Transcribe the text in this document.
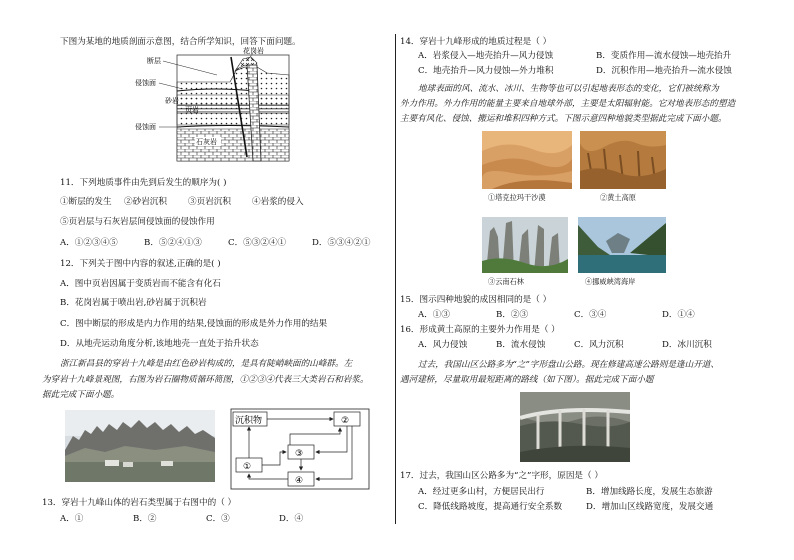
下图为某地的地质剖面示意图，结合所学知识，回答下面问题。
断层
花岗岩
侵蚀面
砂岩
页岩
侵蚀面
石灰岩
11．下列地质事件由先到后发生的顺序为( )
①断层的发生	②砂岩沉积	③页岩沉积	④岩浆的侵入
⑤页岩层与石灰岩层间侵蚀面的侵蚀作用
A．①②③④⑤	B．⑤②④①③	C．⑤③②④①	D．⑤③④②①
12．下列关于图中内容的叙述,正确的是( )
A．图中页岩因属于变质岩而不能含有化石
B．花岗岩属于喷出岩,砂岩属于沉积岩
C．图中断层的形成是内力作用的结果,侵蚀面的形成是外力作用的结果
D．从地壳运动角度分析,该地地壳一直处于抬升状态
浙江新昌县的穿岩十九峰是由红色砂岩构成的，是具有陡峭峡面的山峰群。左
为穿岩十九峰景观图，右图为岩石圈物质循环简图，①②③④代表三大类岩石和岩浆。
据此完成下面小题。
沉积物	②
③
①
④
13．穿岩十九峰山体的岩石类型属于右图中的（ ）
A．①	B．②	C．③	D．④
14．穿岩十九峰形成的地质过程是（ ）
A．岩浆侵入—地壳抬升—风力侵蚀	B．变质作用—流水侵蚀—地壳抬升
C．地壳抬升—风力侵蚀—外力堆积	D．沉积作用—地壳抬升—流水侵蚀
地球表面的风、流水、冰川、生物等也可以引起地表形态的变化，它们被统称为
外力作用。外力作用的能量主要来自地球外部，主要是太阳辐射能。它对地表形态的塑造
主要有风化、侵蚀、搬运和堆积四种方式。下图示意四种地貌类型据此完成下面小题。
①塔克拉玛干沙漠	②黄土高原
③云南石林	④挪威峡湾海岸
15．图示四种地貌的成因相同的是（ ）
A．①③	B．②③	C．③④	D．①④
16．形成黄土高原的主要外力作用是（ ）
A．风力侵蚀	B．流水侵蚀	C．风力沉积	D．冰川沉积
过去，我国山区公路多为“之”字形盘山公路。现在修建高速公路则是逢山开道、
遇河建桥，尽量取用最短距离的路线（如下图）。据此完成下面小题
17．过去，我国山区公路多为“之”字形，原因是（ ）
A．经过更多山村，方便居民出行	B．增加线路长度，发展生态旅游
C．降低线路坡度，提高通行安全系数	D．增加山区线路宽度，发展交通
